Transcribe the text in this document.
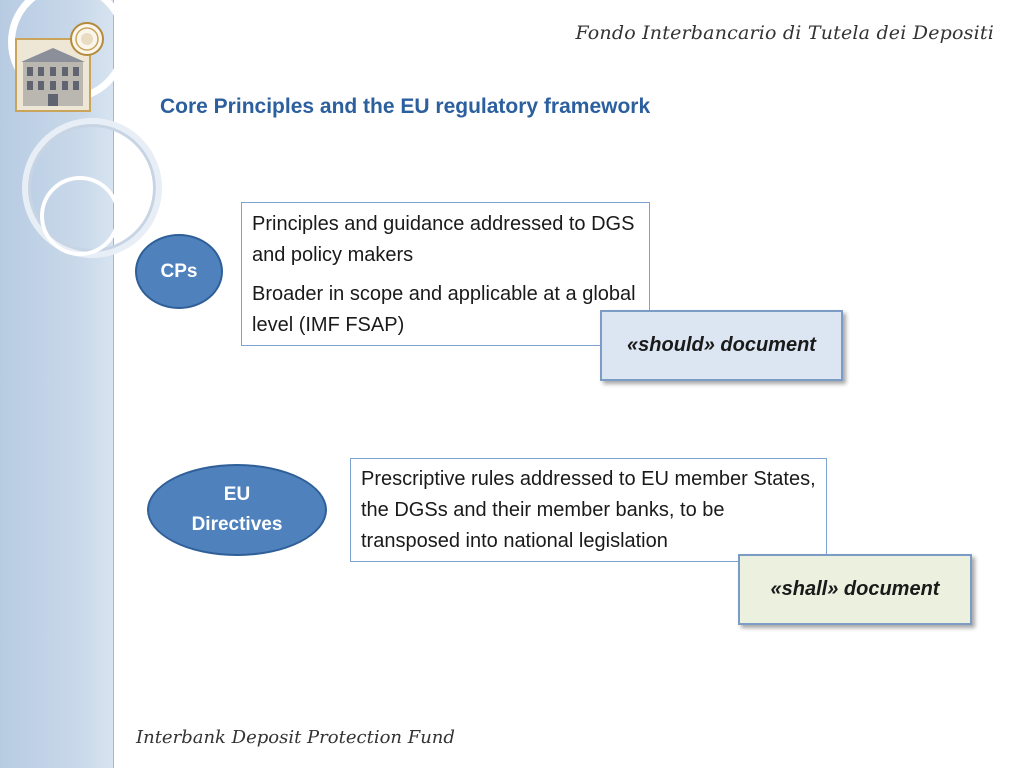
Fondo Interbancario di Tutela dei Depositi
Core Principles and the EU regulatory framework
CPs

Principles and guidance addressed to DGS and policy makers

Broader in scope and applicable at a global level (IMF FSAP)

«should» document
EU
Directives
Prescriptive rules addressed to EU member States, the DGSs and their member banks, to be transposed into national legislation
«shall» document
Interbank Deposit Protection Fund
